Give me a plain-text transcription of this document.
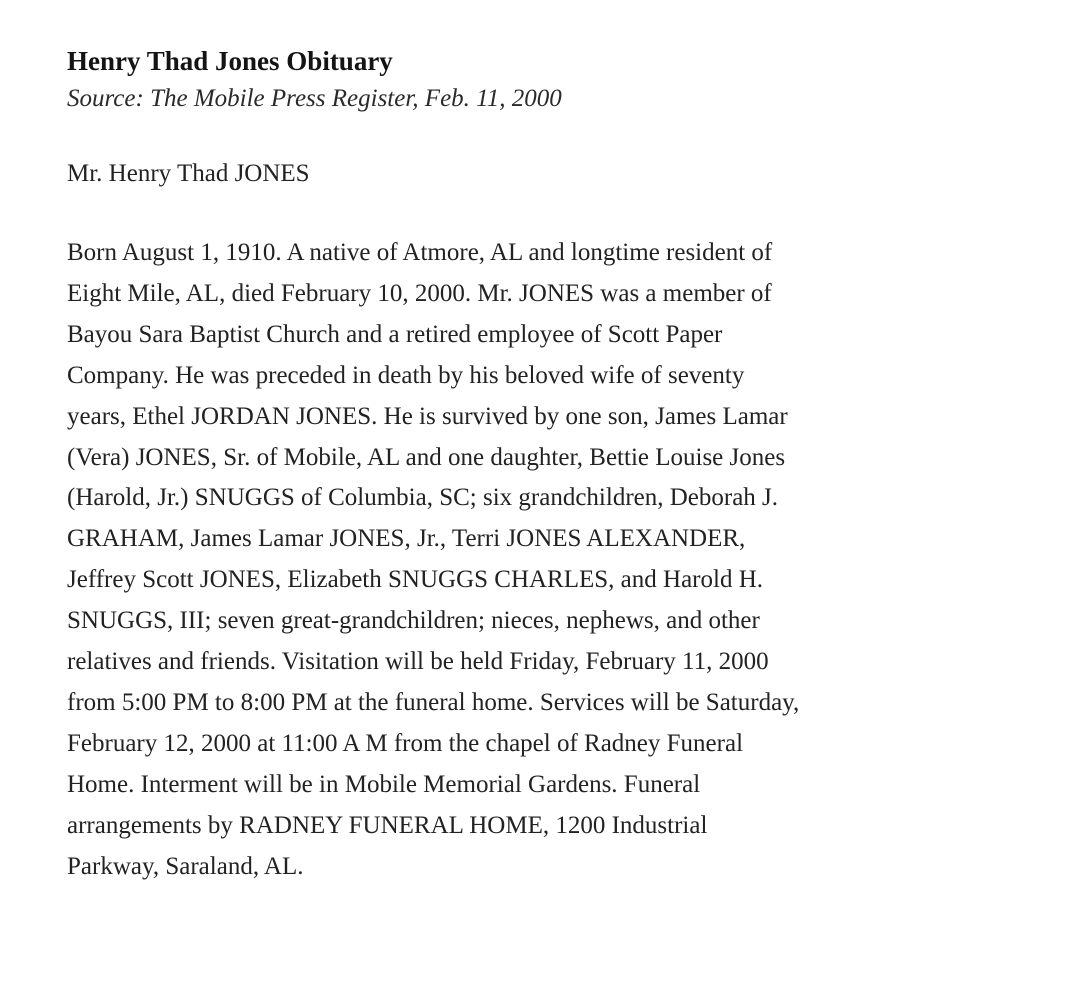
Henry Thad Jones Obituary

Source: The Mobile Press Register, Feb. 11, 2000

Mr. Henry Thad JONES

Born August 1, 1910. A native of Atmore, AL and longtime resident of
Eight Mile, AL, died February 10, 2000. Mr. JONES was a member of
Bayou Sara Baptist Church and a retired employee of Scott Paper
Company. He was preceded in death by his beloved wife of seventy
years, Ethel JORDAN JONES. He is survived by one son, James Lamar
(Vera) JONES, Sr. of Mobile, AL and one daughter, Bettie Louise Jones
(Harold, Jr.) SNUGGS of Columbia, SC; six grandchildren, Deborah J.
GRAHAM, James Lamar JONES, Jr., Terri JONES ALEXANDER,
Jeffrey Scott JONES, Elizabeth SNUGGS CHARLES, and Harold H.
SNUGGS, III; seven great-grandchildren; nieces, nephews, and other
relatives and friends. Visitation will be held Friday, February 11, 2000
from 5:00 PM to 8:00 PM at the funeral home. Services will be Saturday,
February 12, 2000 at 11:00 A M from the chapel of Radney Funeral
Home. Interment will be in Mobile Memorial Gardens. Funeral
arrangements by RADNEY FUNERAL HOME, 1200 Industrial
Parkway, Saraland, AL.
